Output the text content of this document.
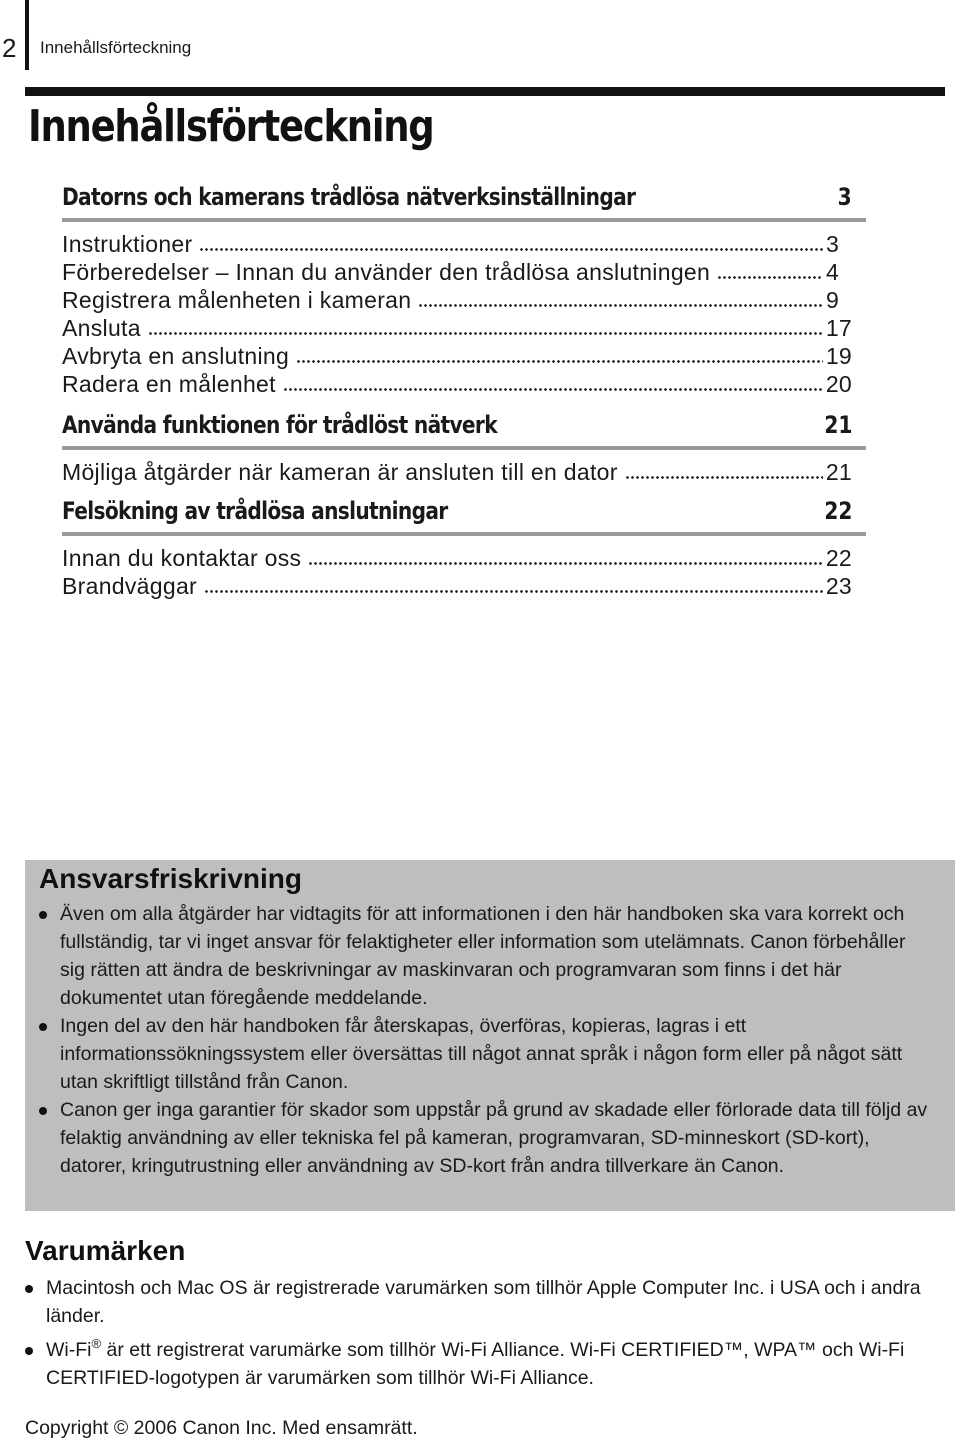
2 Innehållsförteckning
Innehållsförteckning
Datorns och kamerans trådlösa nätverksinställningar	3
Instruktioner	3
Förberedelser – Innan du använder den trådlösa anslutningen	4
Registrera målenheten i kameran	9
Ansluta	17
Avbryta en anslutning	19
Radera en målenhet	20
Använda funktionen för trådlöst nätverk	21
Möjliga åtgärder när kameran är ansluten till en dator	21
Felsökning av trådlösa anslutningar	22
Innan du kontaktar oss	22
Brandväggar	23
Ansvarsfriskrivning
Även om alla åtgärder har vidtagits för att informationen i den här handboken ska vara korrekt och fullständig, tar vi inget ansvar för felaktigheter eller information som utelämnats. Canon förbehåller sig rätten att ändra de beskrivningar av maskinvaran och programvaran som finns i det här dokumentet utan föregående meddelande.
Ingen del av den här handboken får återskapas, överföras, kopieras, lagras i ett informationssökningssystem eller översättas till något annat språk i någon form eller på något sätt utan skriftligt tillstånd från Canon.
Canon ger inga garantier för skador som uppstår på grund av skadade eller förlorade data till följd av felaktig användning av eller tekniska fel på kameran, programvaran, SD-minneskort (SD-kort), datorer, kringutrustning eller användning av SD-kort från andra tillverkare än Canon.
Varumärken
Macintosh och Mac OS är registrerade varumärken som tillhör Apple Computer Inc. i USA och i andra länder.
Wi-Fi® är ett registrerat varumärke som tillhör Wi-Fi Alliance. Wi-Fi CERTIFIED™, WPA™ och Wi-Fi CERTIFIED-logotypen är varumärken som tillhör Wi-Fi Alliance.
Copyright © 2006 Canon Inc. Med ensamrätt.
